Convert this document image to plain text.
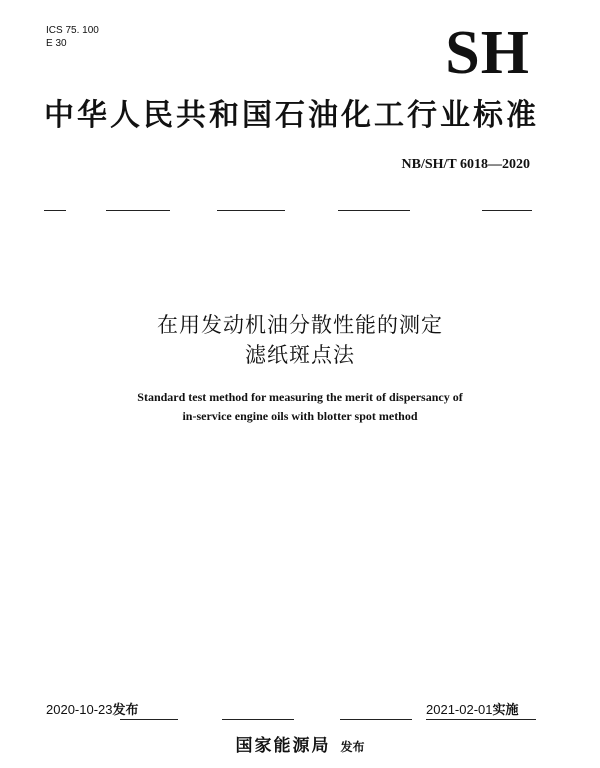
ICS 75. 100
E 30	SH
中华人民共和国石油化工行业标准
NB/SH/T 6018—2020
在用发动机油分散性能的测定
滤纸斑点法
Standard test method for measuring the merit of dispersancy of
in-service engine oils with blotter spot method
2020-10-23发布	2021-02-01实施
国家能源局 发布
